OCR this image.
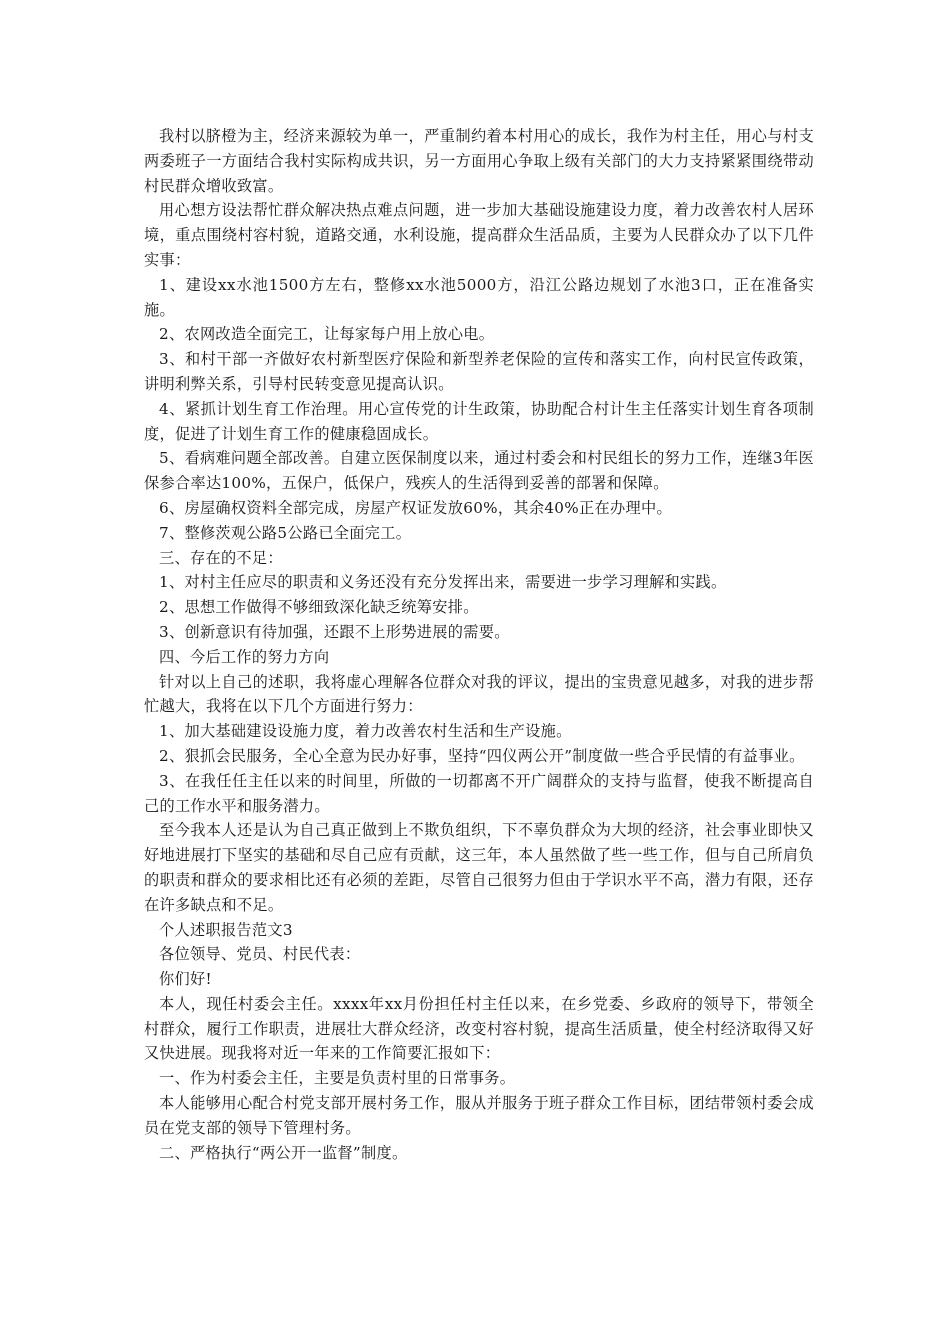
我村以脐橙为主，经济来源较为单一，严重制约着本村用心的成长，我作为村主任，用心与村支两委班子一方面结合我村实际构成共识，另一方面用心争取上级有关部门的大力支持紧紧围绕带动村民群众增收致富。

用心想方设法帮忙群众解决热点难点问题，进一步加大基础设施建设力度，着力改善农村人居环境，重点围绕村容村貌，道路交通，水利设施，提高群众生活品质，主要为人民群众办了以下几件实事：

1、建设xx水池1500方左右，整修xx水池5000方，沿江公路边规划了水池3口，正在准备实施。

2、农网改造全面完工，让每家每户用上放心电。

3、和村干部一齐做好农村新型医疗保险和新型养老保险的宣传和落实工作，向村民宣传政策，讲明利弊关系，引导村民转变意见提高认识。

4、紧抓计划生育工作治理。用心宣传党的计生政策，协助配合村计生主任落实计划生育各项制度，促进了计划生育工作的健康稳固成长。

5、看病难问题全部改善。自建立医保制度以来，通过村委会和村民组长的努力工作，连继3年医保参合率达100%，五保户，低保户，残疾人的生活得到妥善的部署和保障。

6、房屋确权资料全部完成，房屋产权证发放60%，其余40%正在办理中。

7、整修茨观公路5公路已全面完工。

三、存在的不足：

1、对村主任应尽的职责和义务还没有充分发挥出来，需要进一步学习理解和实践。

2、思想工作做得不够细致深化缺乏统筹安排。

3、创新意识有待加强，还跟不上形势进展的需要。

四、今后工作的努力方向

针对以上自己的述职，我将虚心理解各位群众对我的评议，提出的宝贵意见越多，对我的进步帮忙越大，我将在以下几个方面进行努力：

1、加大基础建设设施力度，着力改善农村生活和生产设施。

2、狠抓会民服务，全心全意为民办好事，坚持“四仪两公开”制度做一些合乎民情的有益事业。

3、在我任任主任以来的时间里，所做的一切都离不开广阔群众的支持与监督，使我不断提高自己的工作水平和服务潜力。

至今我本人还是认为自己真正做到上不欺负组织，下不辜负群众为大坝的经济，社会事业即快又好地进展打下坚实的基础和尽自己应有贡献，这三年，本人虽然做了些一些工作，但与自己所肩负的职责和群众的要求相比还有必须的差距，尽管自己很努力但由于学识水平不高，潜力有限，还存在许多缺点和不足。

个人述职报告范文3

各位领导、党员、村民代表：

你们好!

本人，现任村委会主任。xxxx年xx月份担任村主任以来，在乡党委、乡政府的领导下，带领全村群众，履行工作职责，进展壮大群众经济，改变村容村貌，提高生活质量，使全村经济取得又好又快进展。现我将对近一年来的工作简要汇报如下：

一、作为村委会主任，主要是负责村里的日常事务。

本人能够用心配合村党支部开展村务工作，服从并服务于班子群众工作目标，团结带领村委会成员在党支部的领导下管理村务。

二、严格执行“两公开一监督”制度。
